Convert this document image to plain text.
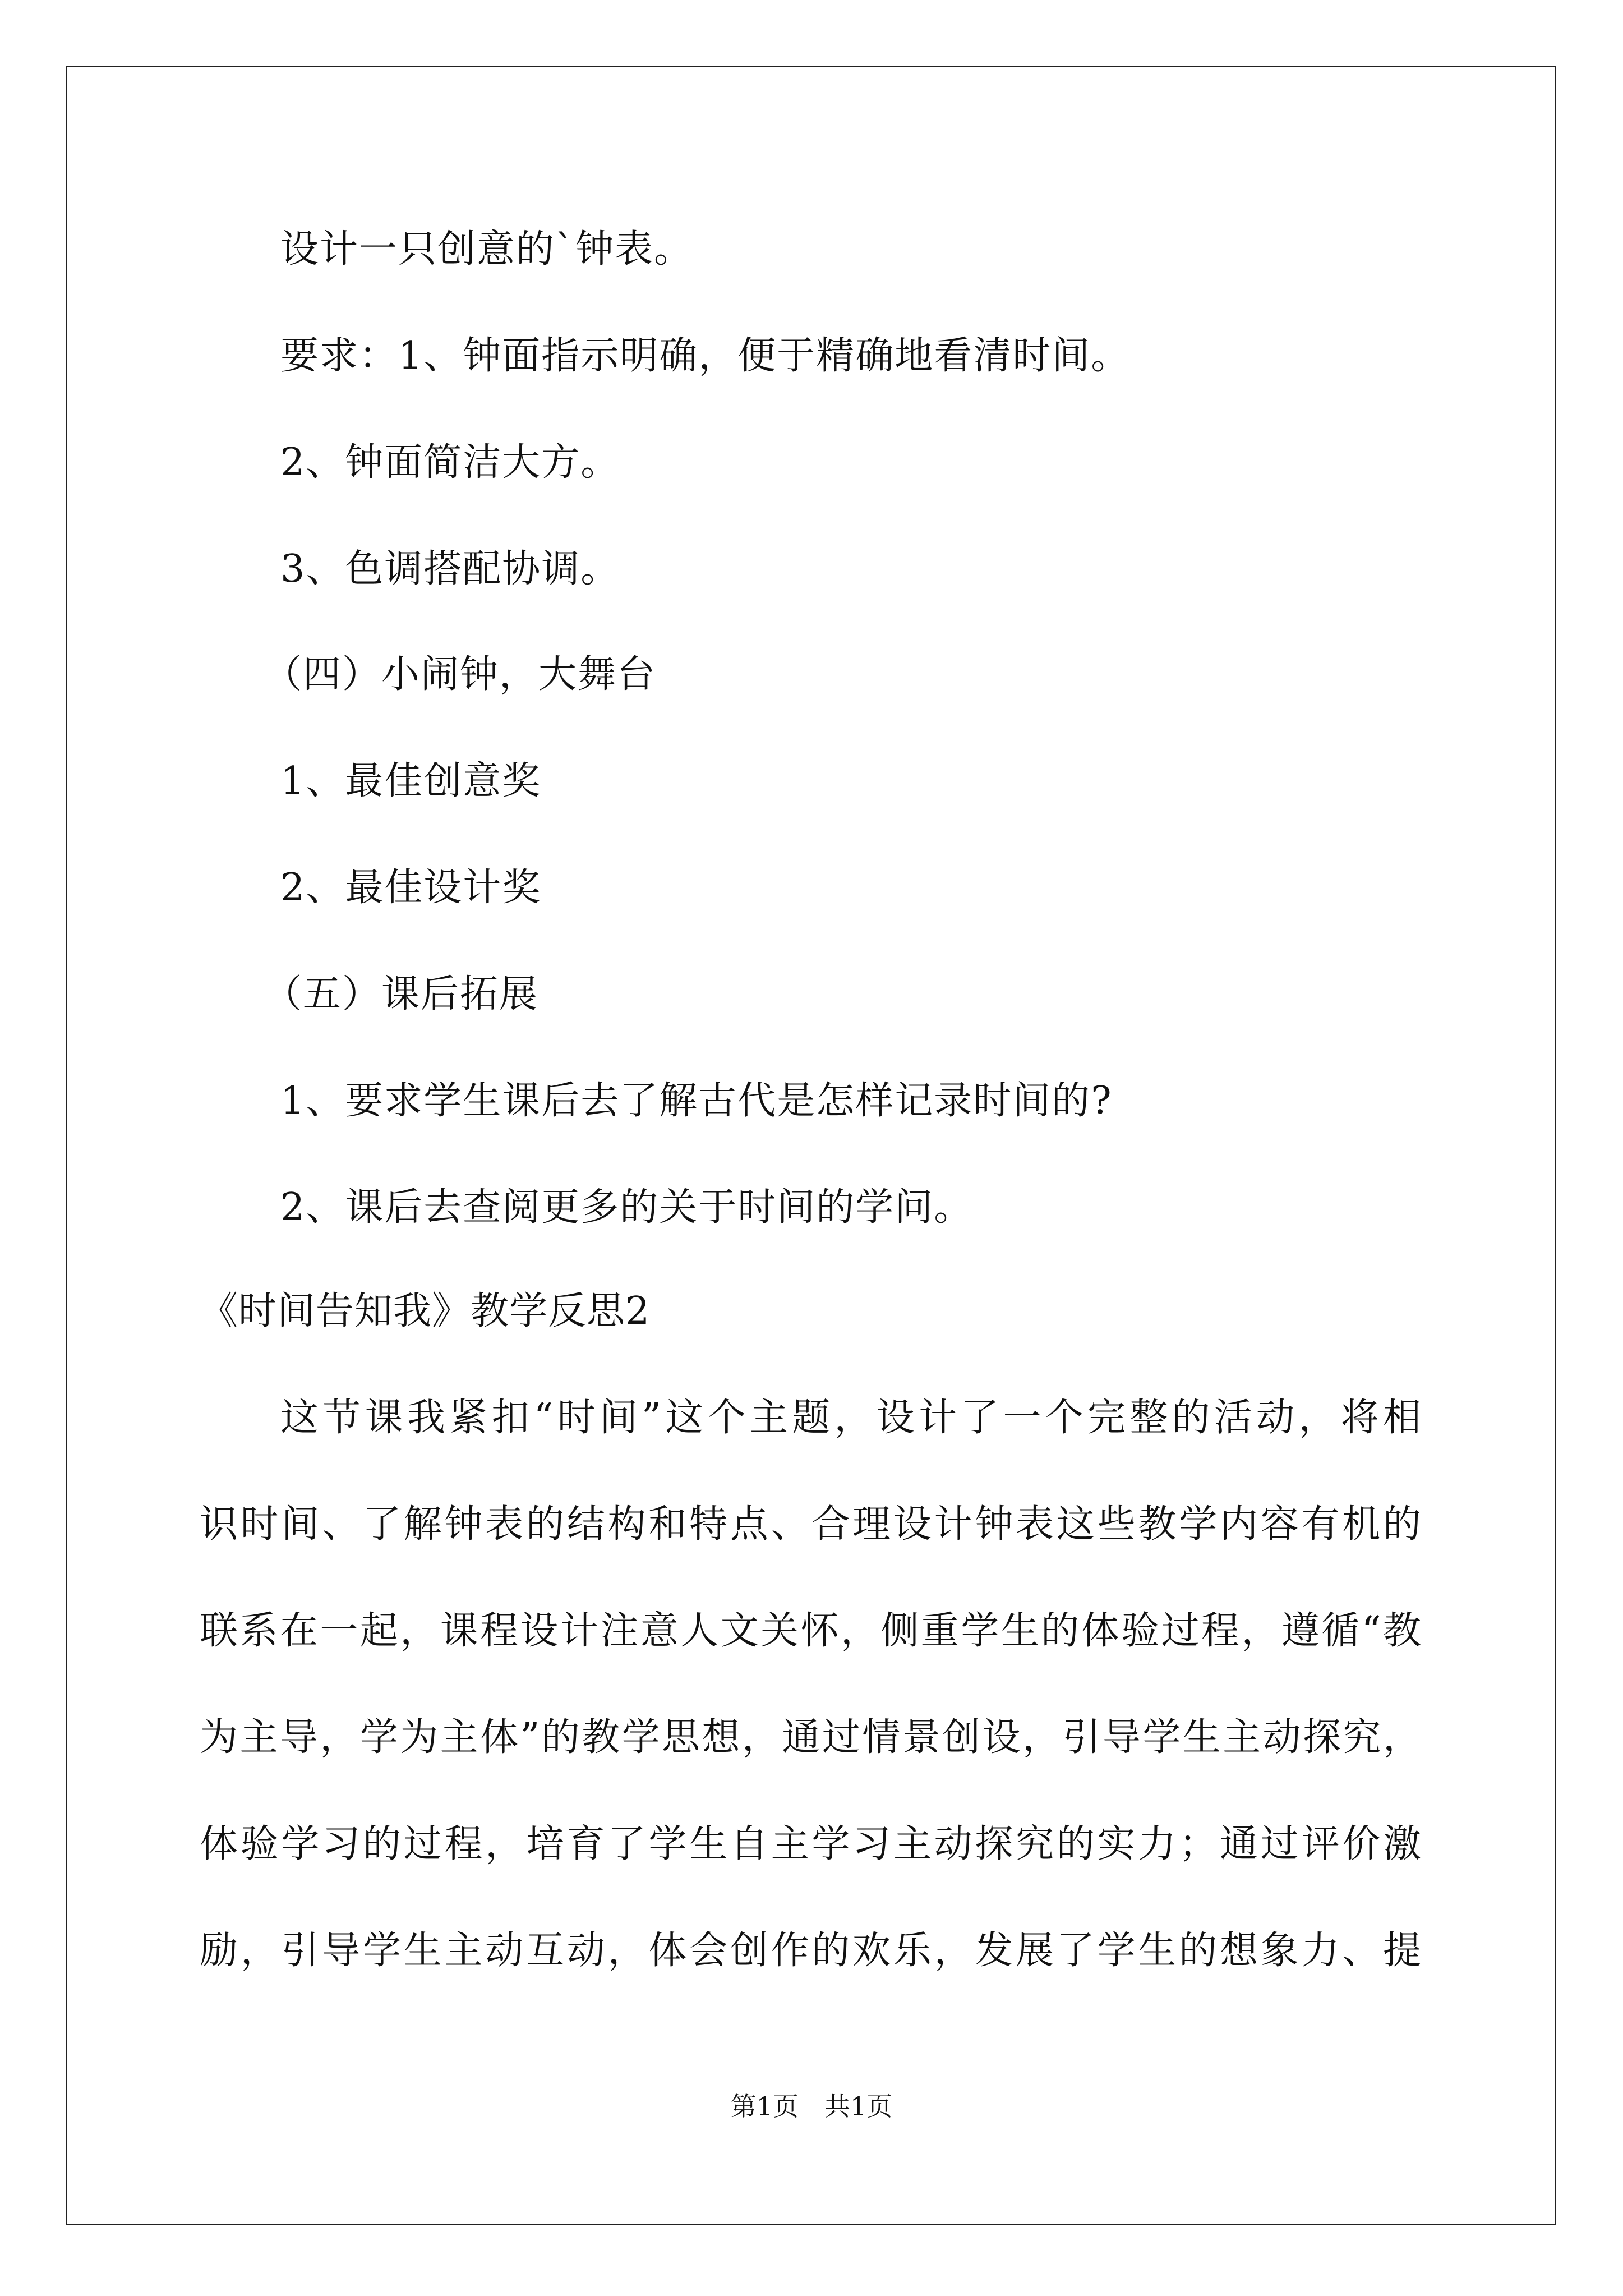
设计一只创意的`钟表。
要求：1、钟面指示明确，便于精确地看清时间。
2、钟面简洁大方。
3、色调搭配协调。
（四）小闹钟，大舞台
1、最佳创意奖
2、最佳设计奖
（五）课后拓展
1、要求学生课后去了解古代是怎样记录时间的?
2、课后去查阅更多的关于时间的学问。
《时间告知我》教学反思2
这节课我紧扣“时间”这个主题，设计了一个完整的活动，将相
识时间、了解钟表的结构和特点、合理设计钟表这些教学内容有机的
联系在一起，课程设计注意人文关怀，侧重学生的体验过程，遵循“教
为主导，学为主体”的教学思想，通过情景创设，引导学生主动探究，
体验学习的过程，培育了学生自主学习主动探究的实力；通过评价激
励，引导学生主动互动，体会创作的欢乐，发展了学生的想象力、提
第1页　共1页
